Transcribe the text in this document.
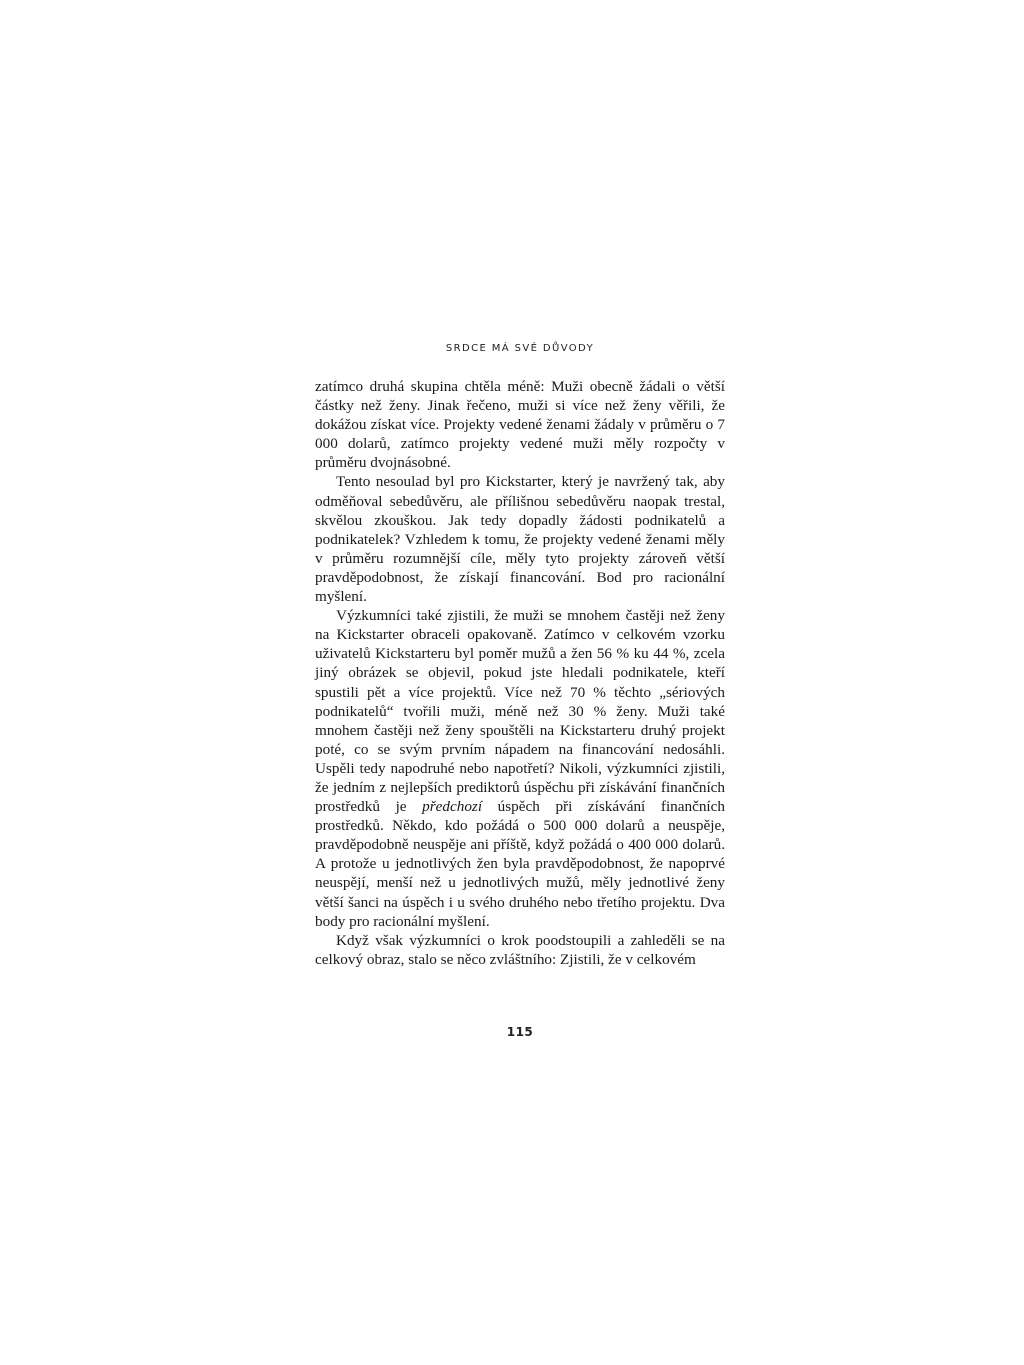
SRDCE MÁ SVÉ DŮVODY

zatímco druhá skupina chtěla méně: Muži obecně žádali o větší částky než ženy. Jinak řečeno, muži si více než ženy věřili, že dokážou získat více. Projekty vedené ženami žádaly v průměru o 7 000 dolarů, zatímco projekty vedené muži měly rozpočty v průměru dvojnásobné.

Tento nesoulad byl pro Kickstarter, který je navržený tak, aby odměňoval sebedůvěru, ale přílišnou sebedůvěru naopak trestal, skvělou zkouškou. Jak tedy dopadly žádosti podnikatelů a podnikatelek? Vzhledem k tomu, že projekty vedené ženami měly v průměru rozumnější cíle, měly tyto projekty zároveň větší pravděpodobnost, že získají financování. Bod pro racionální myšlení.

Výzkumníci také zjistili, že muži se mnohem častěji než ženy na Kickstarter obraceli opakovaně. Zatímco v celkovém vzorku uživatelů Kickstarteru byl poměr mužů a žen 56 % ku 44 %, zcela jiný obrázek se objevil, pokud jste hledali podnikatele, kteří spustili pět a více projektů. Více než 70 % těchto „sériových podnikatelů“ tvořili muži, méně než 30 % ženy. Muži také mnohem častěji než ženy spouštěli na Kickstarteru druhý projekt poté, co se svým prvním nápadem na financování nedosáhli. Uspěli tedy napodruhé nebo napotřetí? Nikoli, výzkumníci zjistili, že jedním z nejlepších prediktorů úspěchu při získávání finančních prostředků je předchozí úspěch při získávání finančních prostředků. Někdo, kdo požádá o 500 000 dolarů a neuspěje, pravděpodobně neuspěje ani příště, když požádá o 400 000 dolarů. A protože u jednotlivých žen byla pravděpodobnost, že napoprvé neuspějí, menší než u jednotlivých mužů, měly jednotlivé ženy větší šanci na úspěch i u svého druhého nebo třetího projektu. Dva body pro racionální myšlení.

Když však výzkumníci o krok poodstoupili a zahleděli se na celkový obraz, stalo se něco zvláštního: Zjistili, že v celkovém

115
